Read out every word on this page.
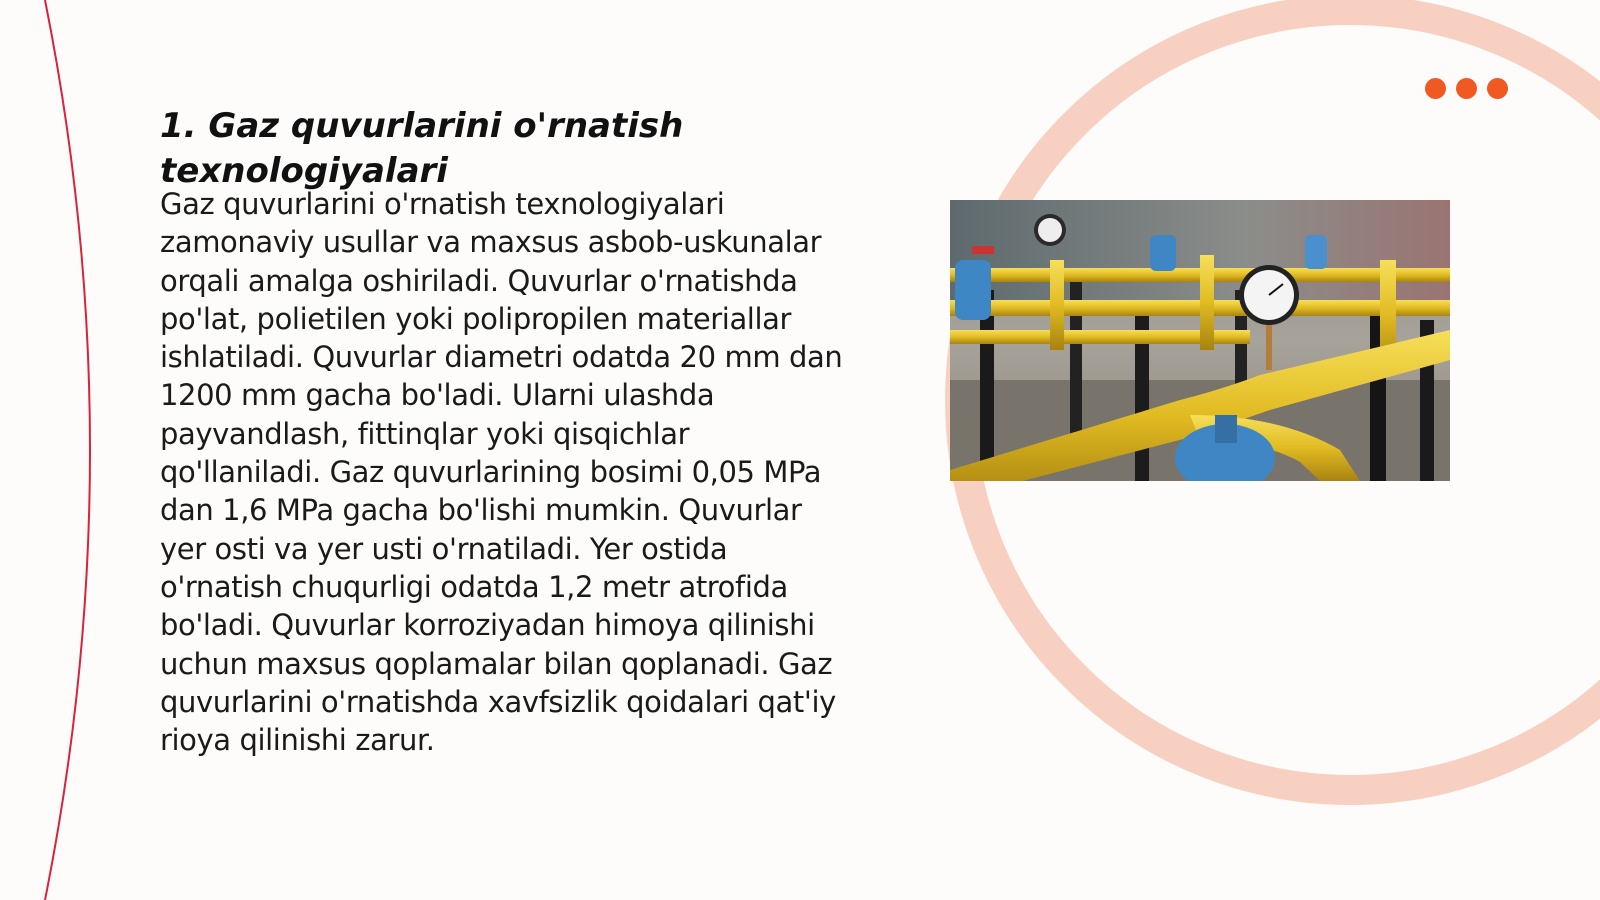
1. Gaz quvurlarini o'rnatish texnologiyalari

Gaz quvurlarini o'rnatish texnologiyalari zamonaviy usullar va maxsus asbob-uskunalar orqali amalga oshiriladi. Quvurlar o'rnatishda po'lat, polietilen yoki polipropilen materiallar ishlatiladi. Quvurlar diametri odatda 20 mm dan 1200 mm gacha bo'ladi. Ularni ulashda payvandlash, fittinqlar yoki qisqichlar qo'llaniladi. Gaz quvurlarining bosimi 0,05 MPa dan 1,6 MPa gacha bo'lishi mumkin. Quvurlar yer osti va yer usti o'rnatiladi. Yer ostida o'rnatish chuqurligi odatda 1,2 metr atrofida bo'ladi. Quvurlar korroziyadan himoya qilinishi uchun maxsus qoplamalar bilan qoplanadi. Gaz quvurlarini o'rnatishda xavfsizlik qoidalari qat'iy rioya qilinishi zarur.
